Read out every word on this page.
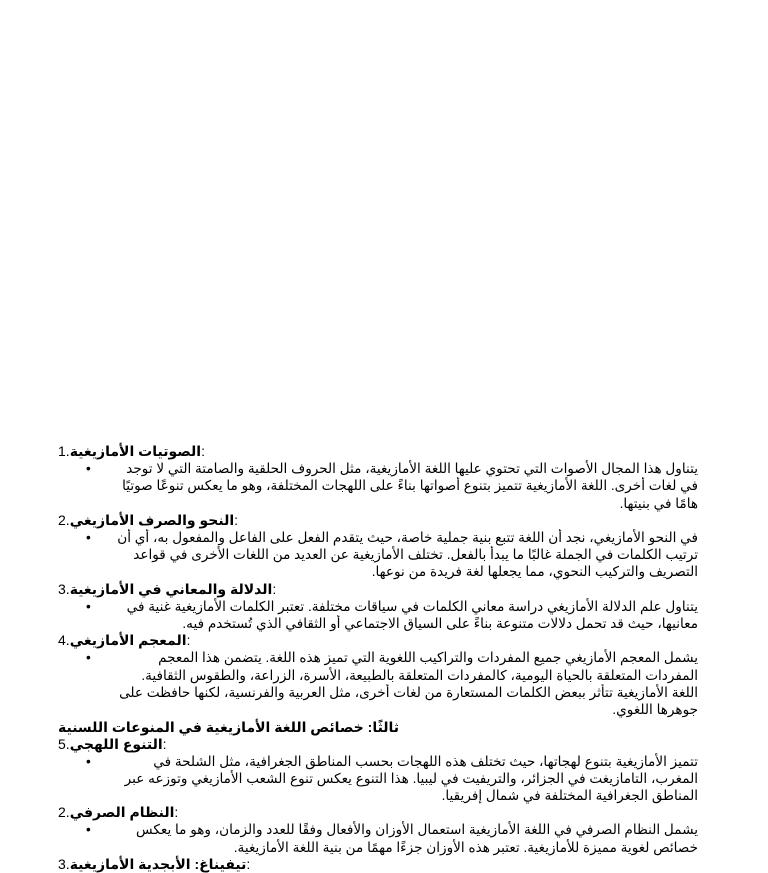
1.الصوتيات الأمازيغية:
•	يتناول هذا المجال الأصوات التي تحتوي عليها اللغة الأمازيغية، مثل الحروف الحلقية والصامتة التي لا توجد
في لغات أخرى. اللغة الأمازيغية تتميز بتنوع أصواتها بناءً على اللهجات المختلفة، وهو ما يعكس تنوعًا صوتيًا
هامًا في بنيتها.
2.النحو والصرف الأمازيغي:
•	في النحو الأمازيغي، نجد أن اللغة تتبع بنية جملية خاصة، حيث يتقدم الفعل على الفاعل والمفعول به، أي أن
ترتيب الكلمات في الجملة غالبًا ما يبدأ بالفعل. تختلف الأمازيغية عن العديد من اللغات الأخرى في قواعد
التصريف والتركيب النحوي، مما يجعلها لغة فريدة من نوعها.
3.الدلالة والمعاني في الأمازيغية:
•	يتناول علم الدلالة الأمازيغي دراسة معاني الكلمات في سياقات مختلفة. تعتبر الكلمات الأمازيغية غنية في
معانيها، حيث قد تحمل دلالات متنوعة بناءً على السياق الاجتماعي أو الثقافي الذي تُستخدم فيه.
4.المعجم الأمازيغي:
•	يشمل المعجم الأمازيغي جميع المفردات والتراكيب اللغوية التي تميز هذه اللغة. يتضمن هذا المعجم
المفردات المتعلقة بالحياة اليومية، كالمفردات المتعلقة بالطبيعة، الأسرة، الزراعة، والطقوس الثقافية.
اللغة الأمازيغية تتأثر ببعض الكلمات المستعارة من لغات أخرى، مثل العربية والفرنسية، لكنها حافظت على
جوهرها اللغوي.
ثالثًا: خصائص اللغة الأمازيغية في المنوعات اللسنية
5.التنوع اللهجي:
•	تتميز الأمازيغية بتنوع لهجاتها، حيث تختلف هذه اللهجات بحسب المناطق الجغرافية، مثل الشلحة في
المغرب، التامازيغت في الجزائر، والتريفيت في ليبيا. هذا التنوع يعكس تنوع الشعب الأمازيغي وتوزعه عبر
المناطق الجغرافية المختلفة في شمال إفريقيا.
2.النظام الصرفي:
•	يشمل النظام الصرفي في اللغة الأمازيغية استعمال الأوزان والأفعال وفقًا للعدد والزمان، وهو ما يعكس
خصائص لغوية مميزة للأمازيغية. تعتبر هذه الأوزان جزءًا مهمًا من بنية اللغة الأمازيغية.
3.تيفيناغ: الأبجدية الأمازيغية:
